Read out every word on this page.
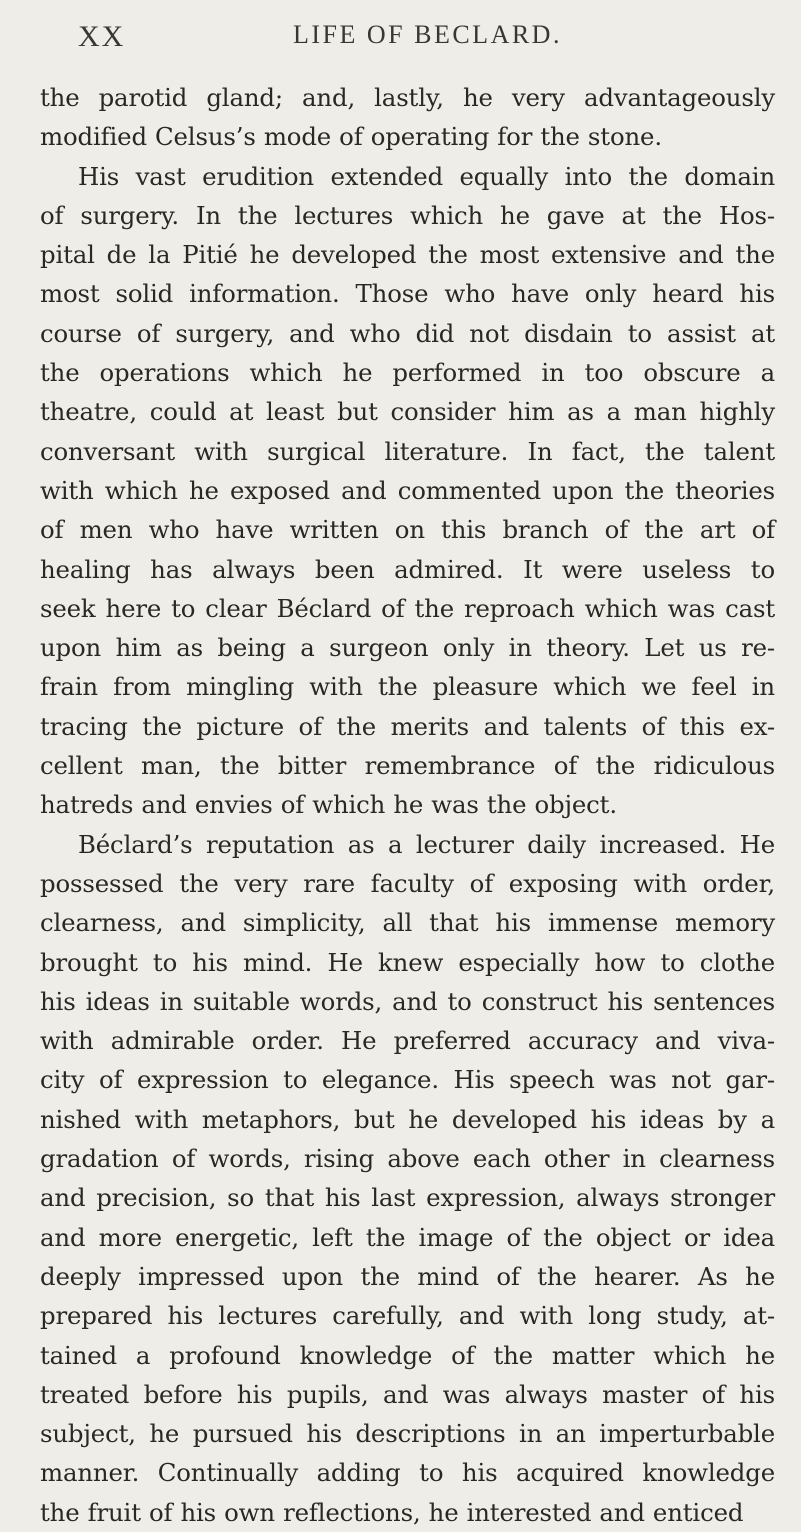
XX	LIFE OF BECLARD.
the parotid gland; and, lastly, he very advantageously
modified Celsus’s mode of operating for the stone.
His vast erudition extended equally into the domain
of surgery. In the lectures which he gave at the Hos-
pital de la Pitié he developed the most extensive and the
most solid information. Those who have only heard his
course of surgery, and who did not disdain to assist at
the operations which he performed in too obscure a
theatre, could at least but consider him as a man highly
conversant with surgical literature. In fact, the talent
with which he exposed and commented upon the theories
of men who have written on this branch of the art of
healing has always been admired. It were useless to
seek here to clear Béclard of the reproach which was cast
upon him as being a surgeon only in theory. Let us re-
frain from mingling with the pleasure which we feel in
tracing the picture of the merits and talents of this ex-
cellent man, the bitter remembrance of the ridiculous
hatreds and envies of which he was the object.
Béclard’s reputation as a lecturer daily increased. He
possessed the very rare faculty of exposing with order,
clearness, and simplicity, all that his immense memory
brought to his mind. He knew especially how to clothe
his ideas in suitable words, and to construct his sentences
with admirable order. He preferred accuracy and viva-
city of expression to elegance. His speech was not gar-
nished with metaphors, but he developed his ideas by a
gradation of words, rising above each other in clearness
and precision, so that his last expression, always stronger
and more energetic, left the image of the object or idea
deeply impressed upon the mind of the hearer. As he
prepared his lectures carefully, and with long study, at-
tained a profound knowledge of the matter which he
treated before his pupils, and was always master of his
subject, he pursued his descriptions in an imperturbable
manner. Continually adding to his acquired knowledge
the fruit of his own reflections, he interested and enticed
